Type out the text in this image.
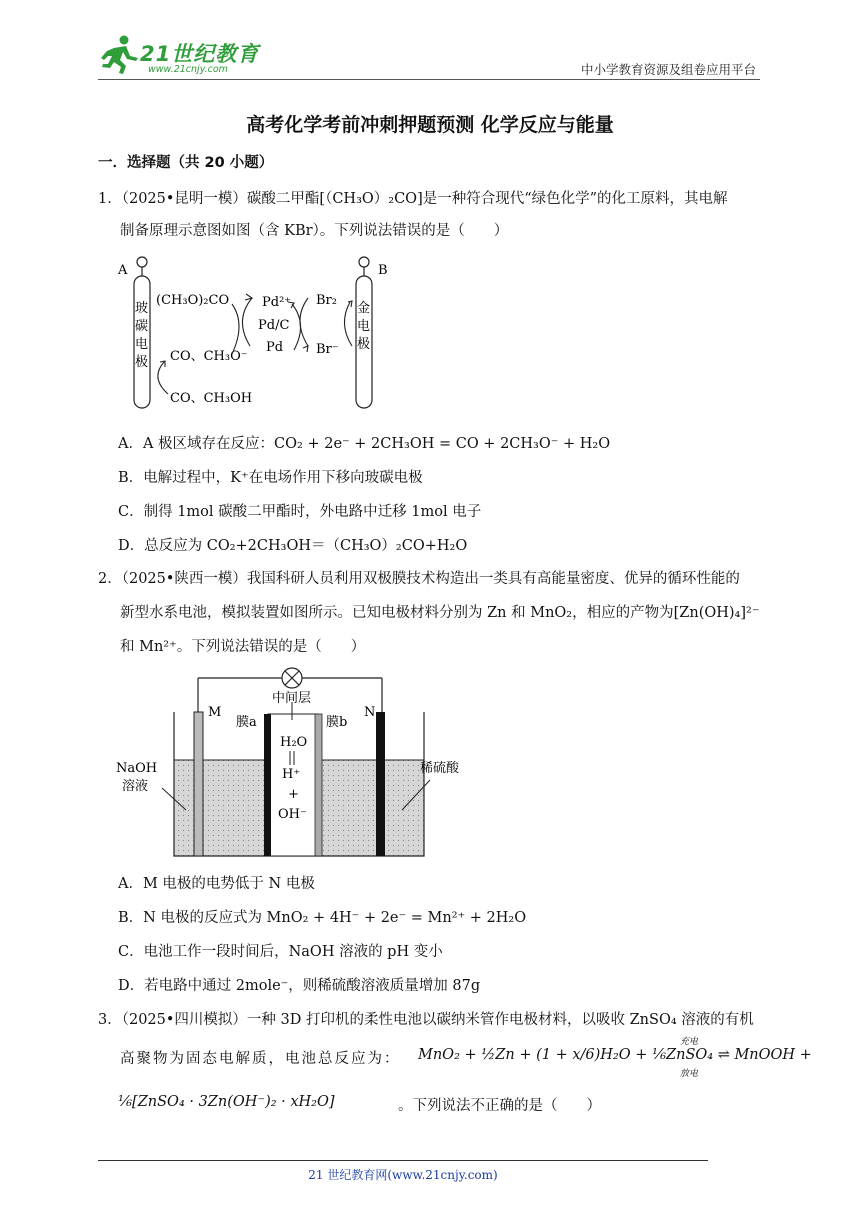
21世纪教育
www.21cnjy.com	中小学教育资源及组卷应用平台
高考化学考前冲刺押题预测 化学反应与能量
一．选择题（共 20 小题）
1．（2025•昆明一模）碳酸二甲酯[（CH₃O）₂CO]是一种符合现代“绿色化学”的化工原料，其电解
制备原理示意图如图（含 KBr）。下列说法错误的是（　　）
A	B
玻
碳
电
极
金
电
极
(CH₃O)₂CO	Pd²⁺
Pd/C
Pd
Br₂
Br⁻
CO、CH₃O⁻
CO、CH₃OH
A．A 极区域存在反应：CO₂ + 2e⁻ + 2CH₃OH = CO + 2CH₃O⁻ + H₂O
B．电解过程中，K⁺在电场作用下移向玻碳电极
C．制得 1mol 碳酸二甲酯时，外电路中迁移 1mol 电子
D．总反应为 CO₂+2CH₃OH＝（CH₃O）₂CO+H₂O
2．（2025•陕西一模）我国科研人员利用双极膜技术构造出一类具有高能量密度、优异的循环性能的
新型水系电池，模拟装置如图所示。已知电极材料分别为 Zn 和 MnO₂，相应的产物为[Zn(OH)₄]²⁻
和 Mn²⁺。下列说法错误的是（　　）
中间层
M	N
膜a	膜b
H₂O
H⁺
+
OH⁻
NaOH
溶液
稀硫酸
A．M 电极的电势低于 N 电极
B．N 电极的反应式为 MnO₂ + 4H⁻ + 2e⁻ = Mn²⁺ + 2H₂O
C．电池工作一段时间后，NaOH 溶液的 pH 变小
D．若电路中通过 2mole⁻，则稀硫酸溶液质量增加 87g
3．（2025•四川模拟）一种 3D 打印机的柔性电池以碳纳米管作电极材料，以吸收 ZnSO₄ 溶液的有机
高聚物为固态电解质，电池总反应为： MnO₂ + ½Zn + (1 + x/6)H₂O + ⅙ZnSO₄ ⇌ MnOOH +
充电
放电
⅙[ZnSO₄ · 3Zn(OH⁻)₂ · xH₂O]	。下列说法不正确的是（　　）
21 世纪教育网(www.21cnjy.com)
